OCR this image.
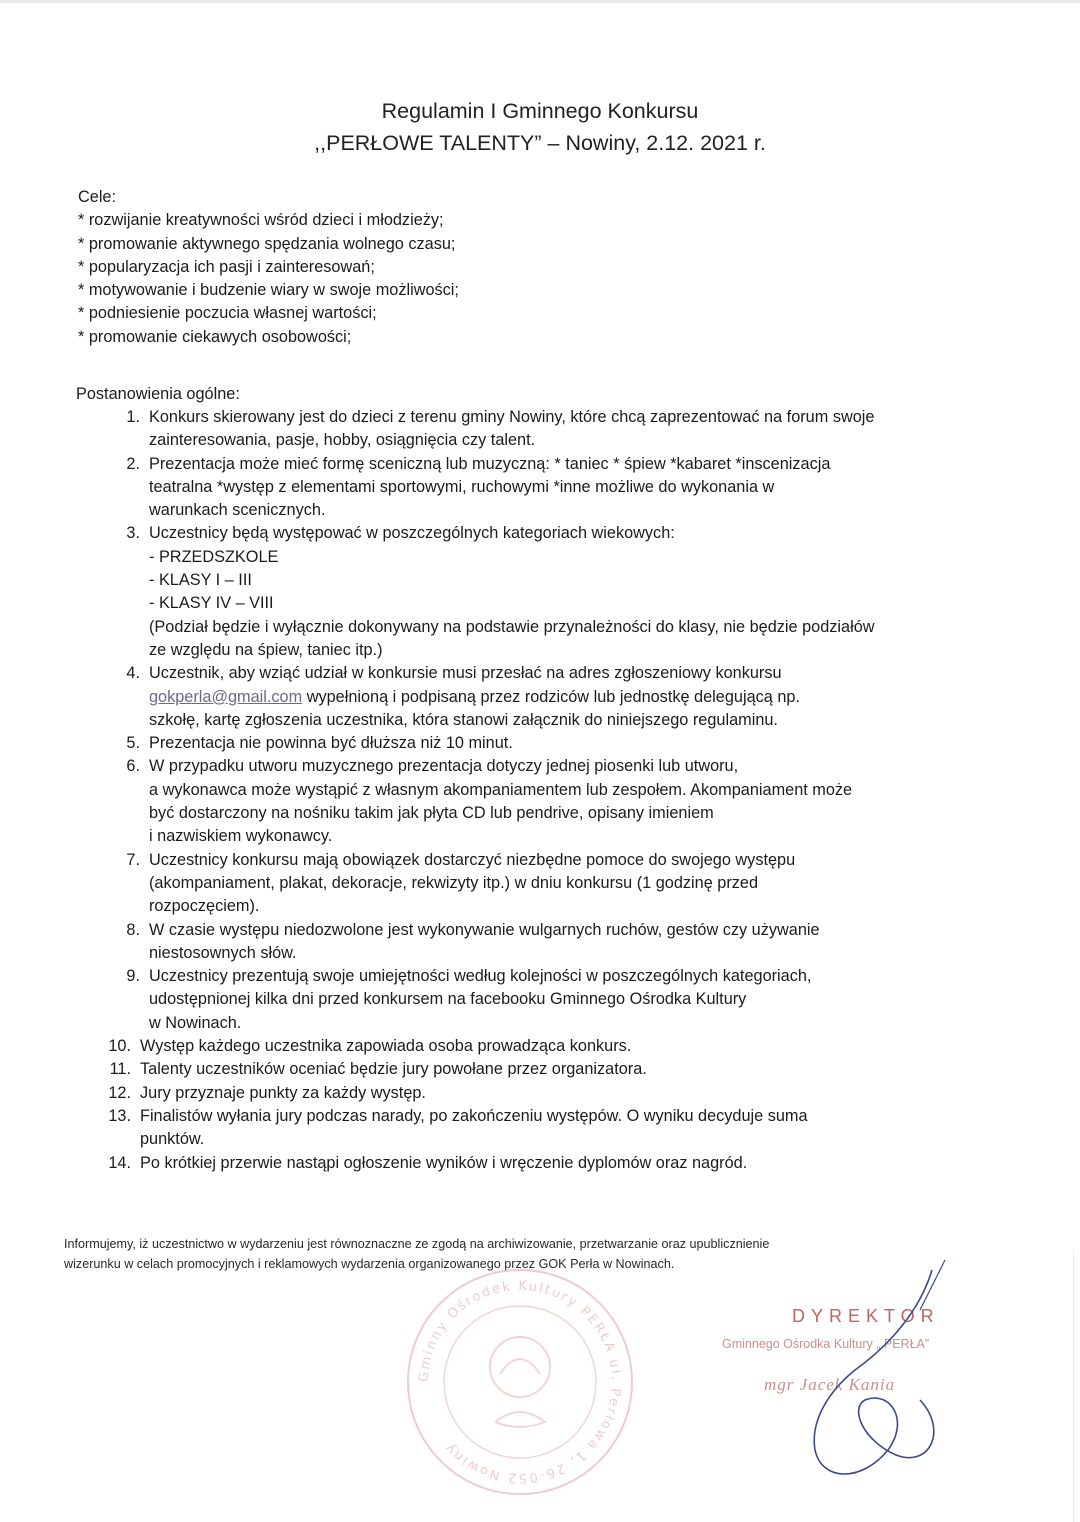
Regulamin I Gminnego Konkursu
,,PERŁOWE TALENTY” – Nowiny, 2.12. 2021 r.
Cele:
* rozwijanie kreatywności wśród dzieci i młodzieży;
* promowanie aktywnego spędzania wolnego czasu;
* popularyzacja ich pasji i zainteresowań;
* motywowanie i budzenie wiary w swoje możliwości;
* podniesienie poczucia własnej wartości;
* promowanie ciekawych osobowości;
Postanowienia ogólne:
1. Konkurs skierowany jest do dzieci z terenu gminy Nowiny, które chcą zaprezentować na forum swoje
zainteresowania, pasje, hobby, osiągnięcia czy talent.
2. Prezentacja może mieć formę sceniczną lub muzyczną: * taniec * śpiew *kabaret *inscenizacja
teatralna *występ z elementami sportowymi, ruchowymi *inne możliwe do wykonania w
warunkach scenicznych.
3. Uczestnicy będą występować w poszczególnych kategoriach wiekowych:
- PRZEDSZKOLE
- KLASY I – III
- KLASY IV – VIII
(Podział będzie i wyłącznie dokonywany na podstawie przynależności do klasy, nie będzie podziałów
ze względu na śpiew, taniec itp.)
4. Uczestnik, aby wziąć udział w konkursie musi przesłać na adres zgłoszeniowy konkursu
gokperla@gmail.com wypełnioną i podpisaną przez rodziców lub jednostkę delegującą np.
szkołę, kartę zgłoszenia uczestnika, która stanowi załącznik do niniejszego regulaminu.
5. Prezentacja nie powinna być dłuższa niż 10 minut.
6. W przypadku utworu muzycznego prezentacja dotyczy jednej piosenki lub utworu,
a wykonawca może wystąpić z własnym akompaniamentem lub zespołem. Akompaniament może
być dostarczony na nośniku takim jak płyta CD lub pendrive, opisany imieniem
i nazwiskiem wykonawcy.
7. Uczestnicy konkursu mają obowiązek dostarczyć niezbędne pomoce do swojego występu
(akompaniament, plakat, dekoracje, rekwizyty itp.) w dniu konkursu (1 godzinę przed
rozpoczęciem).
8. W czasie występu niedozwolone jest wykonywanie wulgarnych ruchów, gestów czy używanie
niestosownych słów.
9. Uczestnicy prezentują swoje umiejętności według kolejności w poszczególnych kategoriach,
udostępnionej kilka dni przed konkursem na facebooku Gminnego Ośrodka Kultury
w Nowinach.
10. Występ każdego uczestnika zapowiada osoba prowadząca konkurs.
11. Talenty uczestników oceniać będzie jury powołane przez organizatora.
12. Jury przyznaje punkty za każdy występ.
13. Finalistów wyłania jury podczas narady, po zakończeniu występów. O wyniku decyduje suma
punktów.
14. Po krótkiej przerwie nastąpi ogłoszenie wyników i wręczenie dyplomów oraz nagród.
Informujemy, iż uczestnictwo w wydarzeniu jest równoznaczne ze zgodą na archiwizowanie, przetwarzanie oraz upublicznienie
wizerunku w celach promocyjnych i reklamowych wydarzenia organizowanego przez GOK Perła w Nowinach.
Gminny Ośrodek Kultury PERŁA ul. Perłowa 1, 26-052 Nowiny
DYREKTOR
Gminnego Ośrodka Kultury „ PERŁA”
mgr Jacek Kania
